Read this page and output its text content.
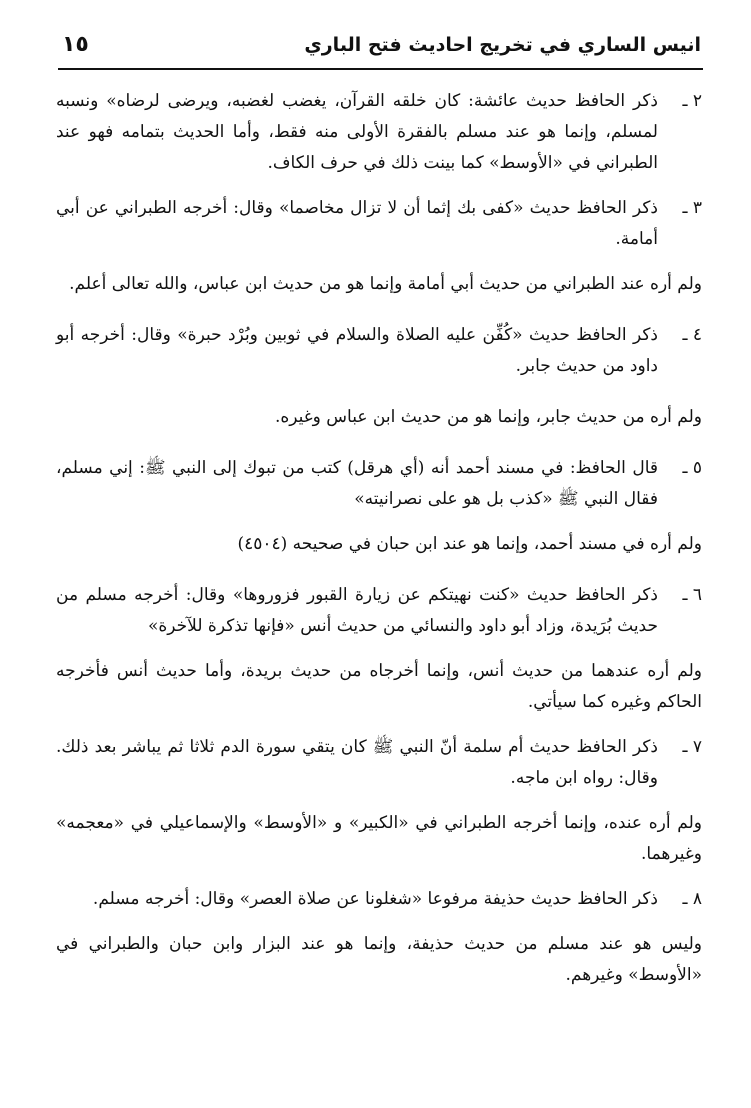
انيس الساري في تخريج احاديث فتح الباري
١٥
٢ ـ

ذكر الحافظ حديث عائشة: كان خلقه القرآن، يغضب لغضبه، ويرضى لرضاه» ونسبه لمسلم، وإنما هو عند مسلم بالفقرة الأولى منه فقط، وأما الحديث بتمامه فهو عند الطبراني في «الأوسط» كما بينت ذلك في حرف الكاف.

٣ ـ

ذكر الحافظ حديث «كفى بك إثما أن لا تزال مخاصما» وقال: أخرجه الطبراني عن أبي أمامة.

ولم أره عند الطبراني من حديث أبي أمامة وإنما هو من حديث ابن عباس، والله تعالى أعلم.

٤ ـ

ذكر الحافظ حديث «كُفِّن عليه الصلاة والسلام في ثوبين وبُرْد حبرة» وقال: أخرجه أبو داود من حديث جابر.

ولم أره من حديث جابر، وإنما هو من حديث ابن عباس وغيره.

٥ ـ

قال الحافظ: في مسند أحمد أنه (أي هرقل) كتب من تبوك إلى النبي ﷺ: إني مسلم، فقال النبي ﷺ «كذب بل هو على نصرانيته»

ولم أره في مسند أحمد، وإنما هو عند ابن حبان في صحيحه (٤٥٠٤)

٦ ـ

ذكر الحافظ حديث «كنت نهيتكم عن زيارة القبور فزوروها» وقال: أخرجه مسلم من حديث بُرَيدة، وزاد أبو داود والنسائي من حديث أنس «فإنها تذكرة للآخرة»

ولم أره عندهما من حديث أنس، وإنما أخرجاه من حديث بريدة، وأما حديث أنس فأخرجه الحاكم وغيره كما سيأتي.

٧ ـ

ذكر الحافظ حديث أم سلمة أنّ النبي ﷺ كان يتقي سورة الدم ثلاثا ثم يباشر بعد ذلك. وقال: رواه ابن ماجه.

ولم أره عنده، وإنما أخرجه الطبراني في «الكبير» و «الأوسط» والإسماعيلي في «معجمه» وغيرهما.

٨ ـ

ذكر الحافظ حديث حذيفة مرفوعا «شغلونا عن صلاة العصر» وقال: أخرجه مسلم.

وليس هو عند مسلم من حديث حذيفة، وإنما هو عند البزار وابن حبان والطبراني في «الأوسط» وغيرهم.
